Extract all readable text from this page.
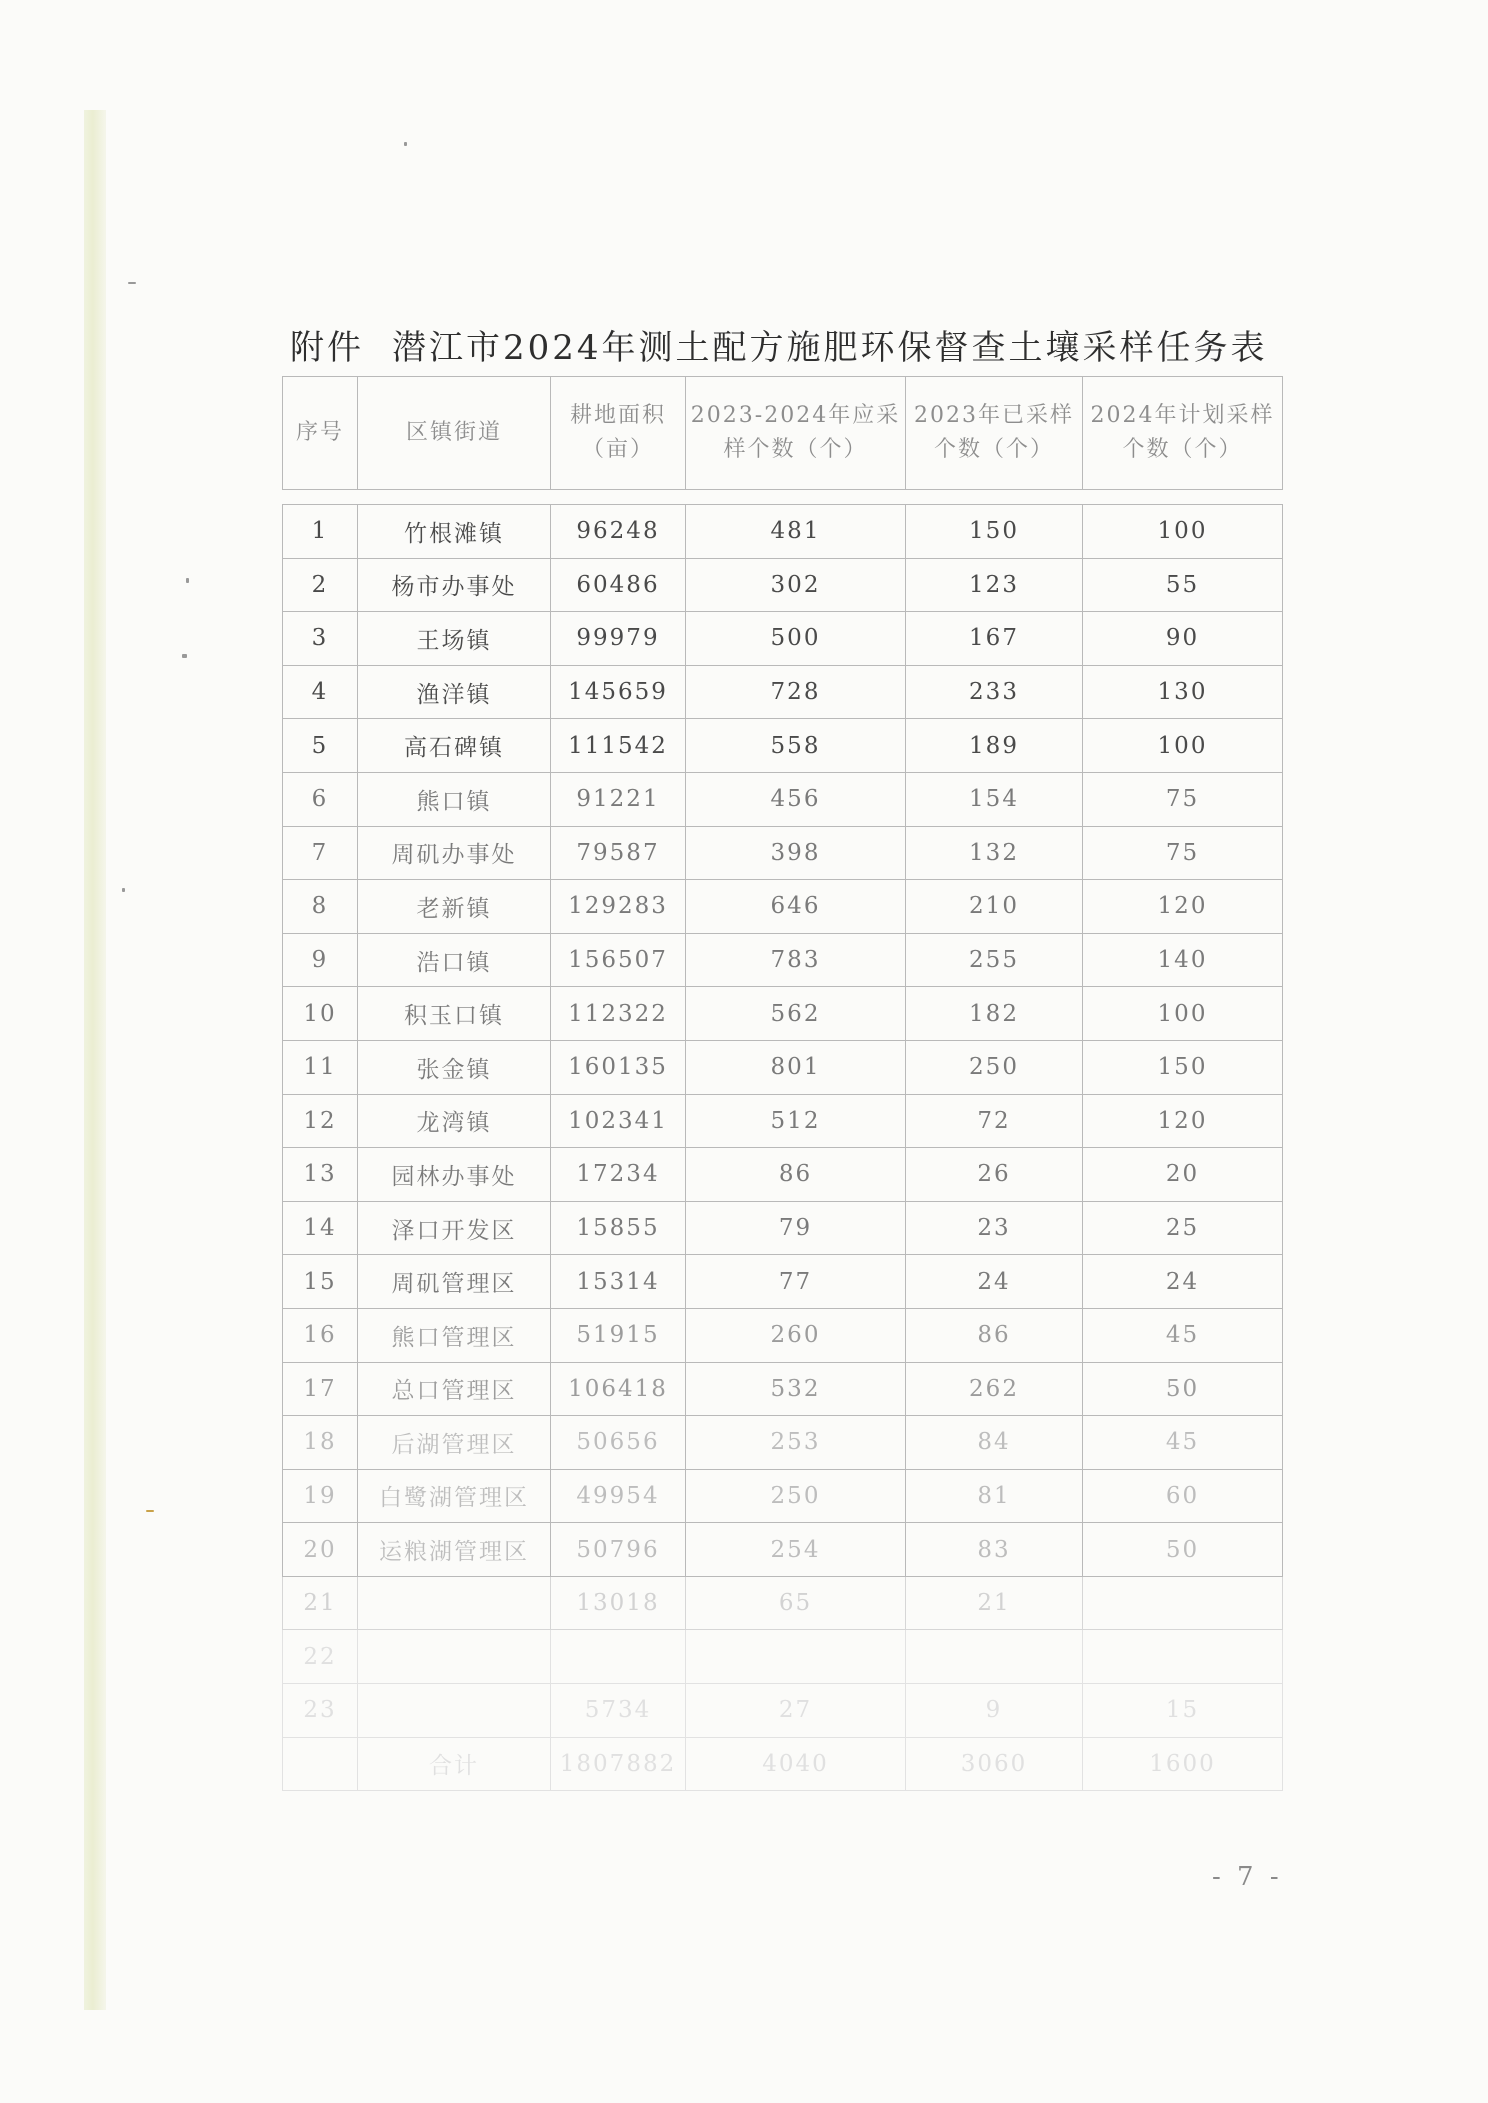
附件 潜江市2024年测土配方施肥环保督查土壤采样任务表
序号	区镇街道	耕地面积（亩）	2023-2024年应采样个数（个）	2023年已采样个数（个）	2024年计划采样个数（个）

1	竹根滩镇	96248	481	150	100
2	杨市办事处	60486	302	123	55
3	王场镇	99979	500	167	90
4	渔洋镇	145659	728	233	130
5	高石碑镇	111542	558	189	100
6	熊口镇	91221	456	154	75
7	周矶办事处	79587	398	132	75
8	老新镇	129283	646	210	120
9	浩口镇	156507	783	255	140
10	积玉口镇	112322	562	182	100
11	张金镇	160135	801	250	150
12	龙湾镇	102341	512	72	120
13	园林办事处	17234	86	26	20
14	泽口开发区	15855	79	23	25
15	周矶管理区	15314	77	24	24
16	熊口管理区	51915	260	86	45
17	总口管理区	106418	532	262	50
18	后湖管理区	50656	253	84	45
19	白鹭湖管理区	49954	250	81	60
20	运粮湖管理区	50796	254	83	50
21		13018	65	21	
22					
23		5734	27	9	15
	合计	1807882	4040	3060	1600
- 7 -
